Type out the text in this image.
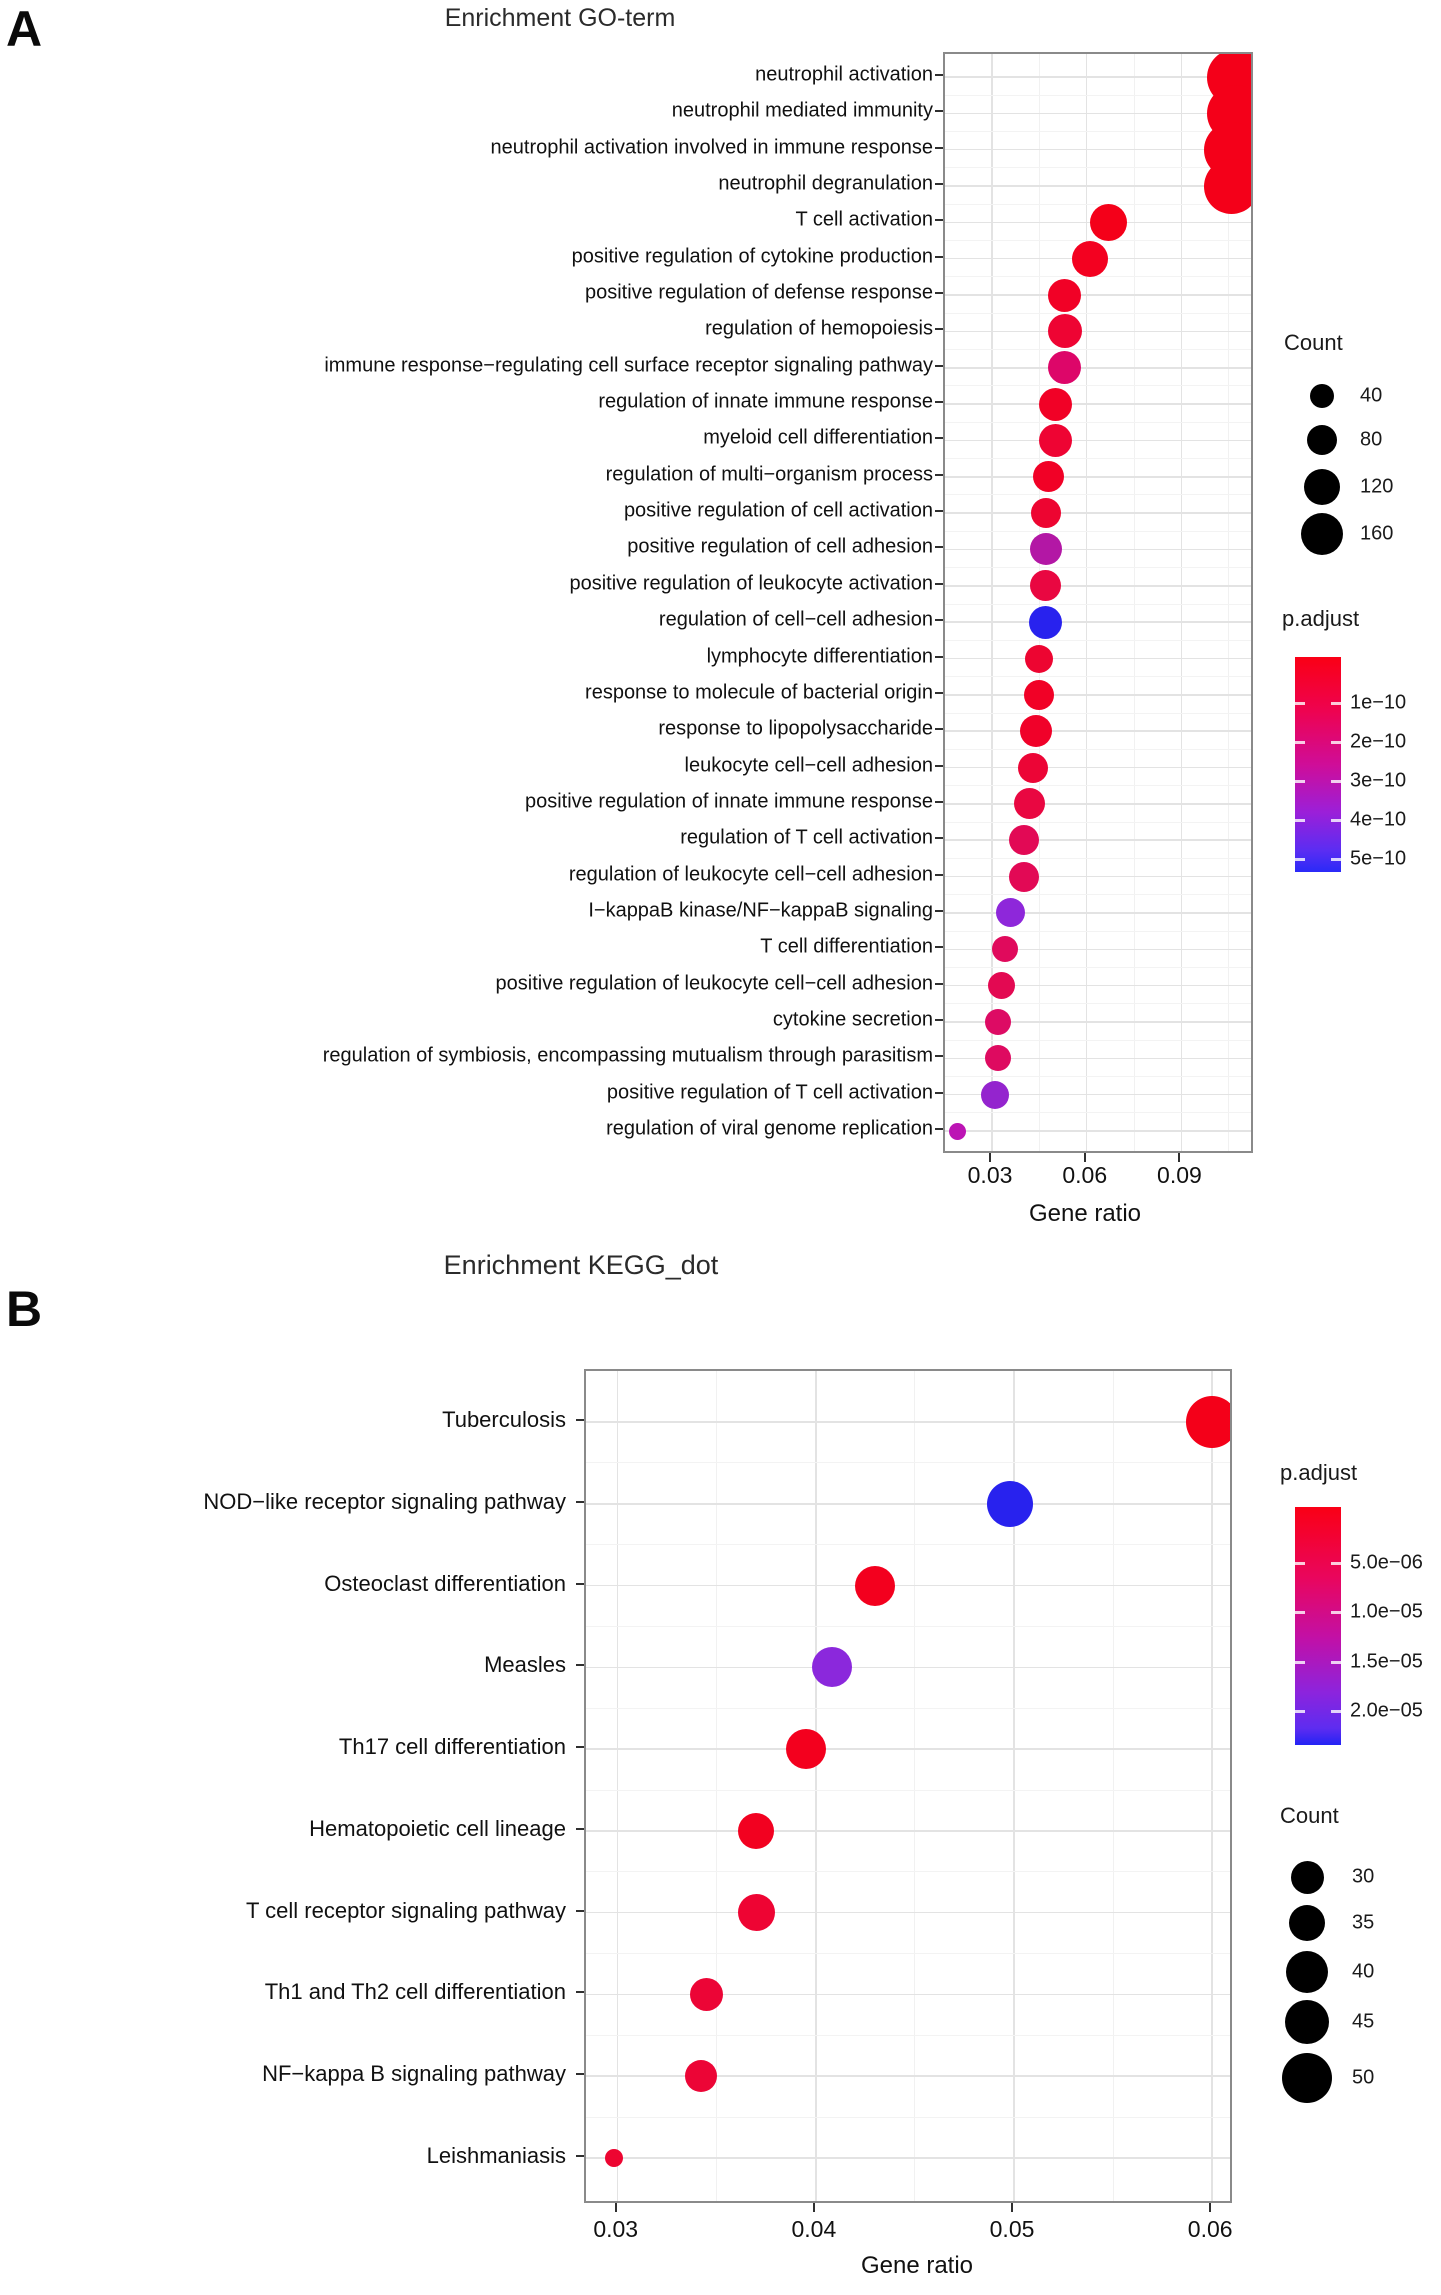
A	Enrichment GO-term
neutrophil activation
neutrophil mediated immunity
neutrophil activation involved in immune response
neutrophil degranulation
T cell activation
positive regulation of cytokine production
positive regulation of defense response
regulation of hemopoiesis
immune response−regulating cell surface receptor signaling pathway
regulation of innate immune response
myeloid cell differentiation
regulation of multi−organism process
positive regulation of cell activation
positive regulation of cell adhesion
positive regulation of leukocyte activation
regulation of cell−cell adhesion
lymphocyte differentiation
response to molecule of bacterial origin
response to lipopolysaccharide
leukocyte cell−cell adhesion
positive regulation of innate immune response
regulation of T cell activation
regulation of leukocyte cell−cell adhesion
I−kappaB kinase/NF−kappaB signaling
T cell differentiation
positive regulation of leukocyte cell−cell adhesion
cytokine secretion
regulation of symbiosis, encompassing mutualism through parasitism
positive regulation of T cell activation
regulation of viral genome replication
0.03	0.06	0.09
Gene ratio
Count
40
80
120
160
p.adjust
1e−10
2e−10
3e−10
4e−10
5e−10
B
Enrichment KEGG_dot
Tuberculosis
NOD−like receptor signaling pathway
Osteoclast differentiation
Measles
Th17 cell differentiation
Hematopoietic cell lineage
T cell receptor signaling pathway
Th1 and Th2 cell differentiation
NF−kappa B signaling pathway
Leishmaniasis
0.03	0.04	0.05	0.06
Gene ratio
Count
30
35
40
45
50
p.adjust
5.0e−06
1.0e−05
1.5e−05
2.0e−05
